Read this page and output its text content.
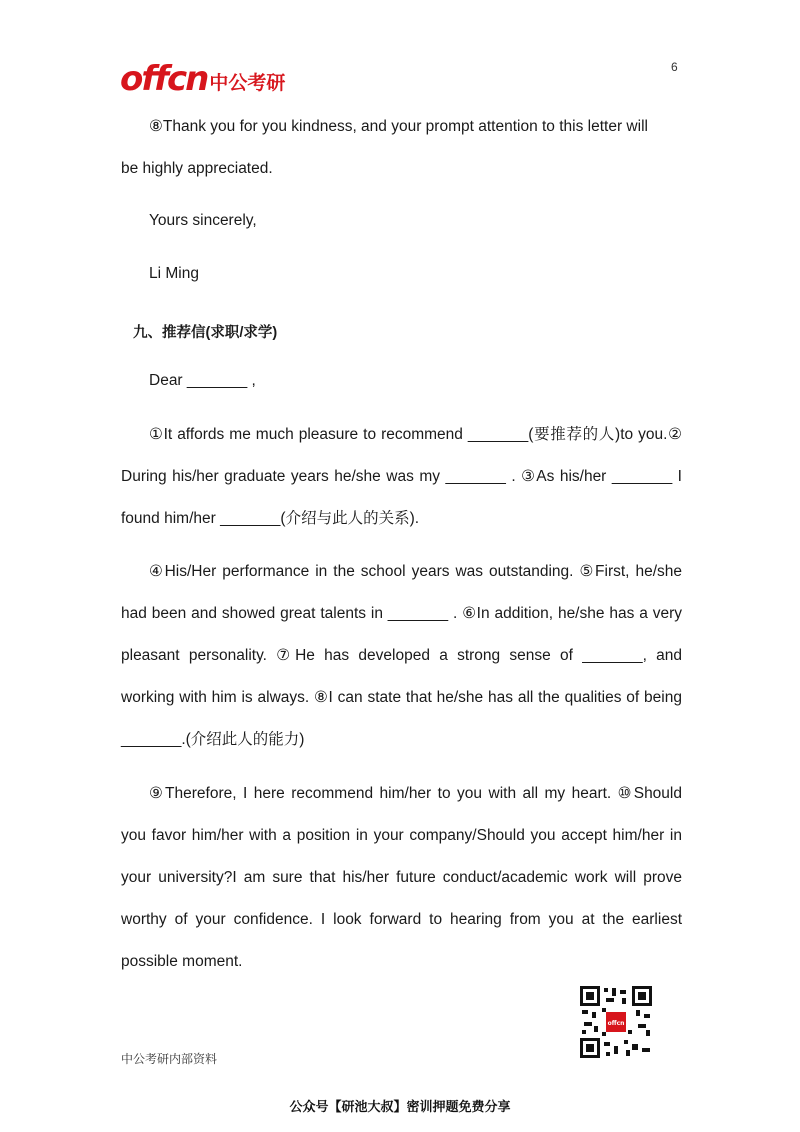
6
offcn 中公考研

⑧Thank you for you kindness, and your prompt attention to this letter will

be highly appreciated.

Yours sincerely,
Li Ming
九、推荐信(求职/求学)
Dear _______ ,
①It affords me much pleasure to recommend _______(要推荐的人)to you.② During his/her graduate years he/she was my _______ . ③As his/her _______ I found him/her _______(介绍与此人的关系).
④His/Her performance in the school years was outstanding. ⑤First, he/she had been and showed great talents in _______ . ⑥In addition, he/she has a very pleasant personality. ⑦He has developed a strong sense of _______, and working with him is always. ⑧I can state that he/she has all the qualities of being _______.(介绍此人的能力)
⑨Therefore, I here recommend him/her to you with all my heart. ⑩Should you favor him/her with a position in your company/Should you accept him/her in your university?I am sure that his/her future conduct/academic work will prove worthy of your confidence. I look forward to hearing from you at the earliest possible moment.
offcn
中公考研内部资料
公众号【研池大叔】密训押题免费分享
